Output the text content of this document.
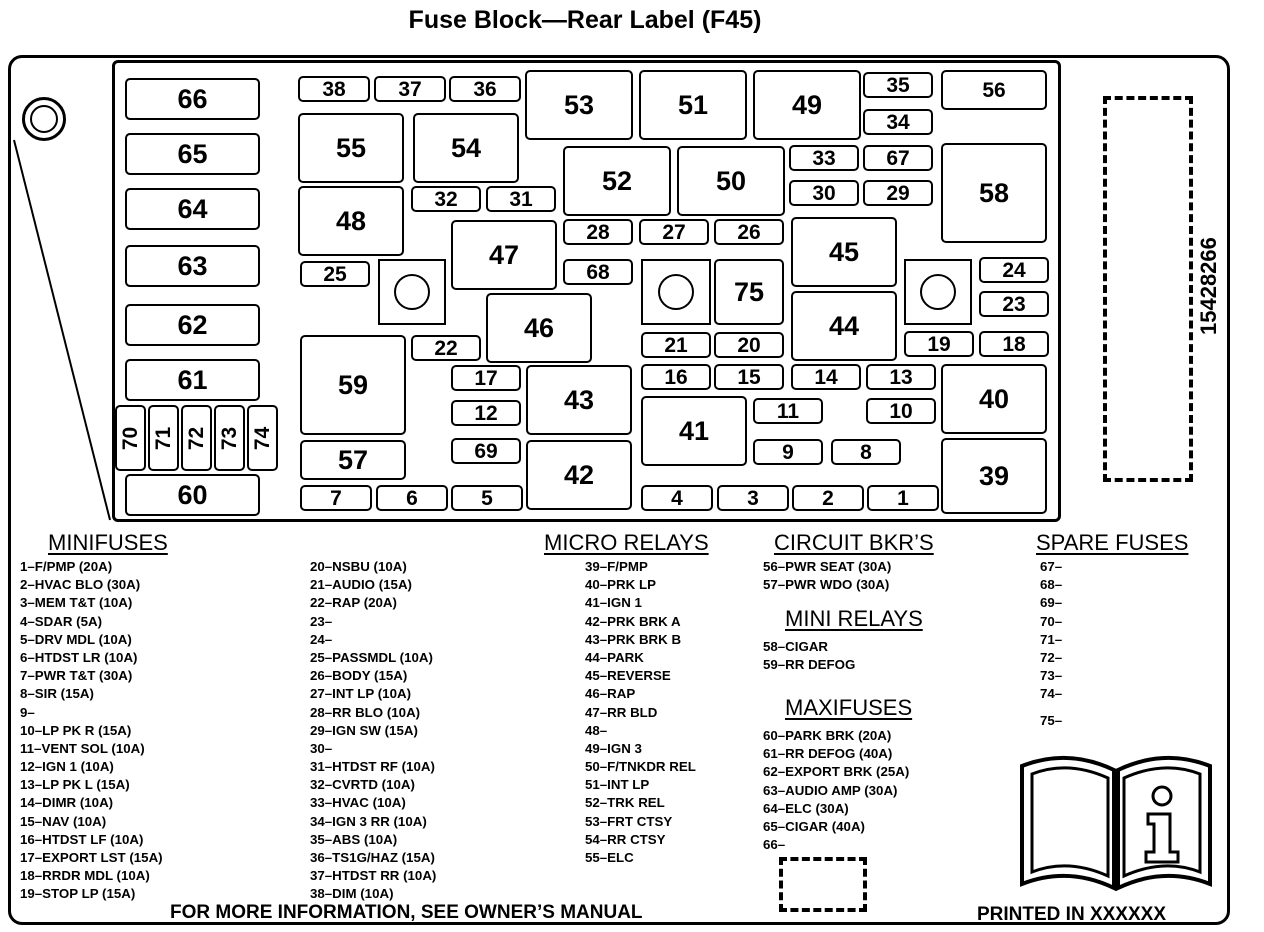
Fuse Block—Rear Label (F45)
66
65
64
63
62
61
60
70 71 72 73 74
38	37	36
53	51	49
35
34
56
55	54
52	50
33	67
30	29	58
48
32	31
28	27	26
47	45
25	68
75
24
23
46	44
22	21	20	19	18
59	17
43
16	15	14	13
40
12
41
11	10
69	9	8
57	42	39
7	6	5	4	3	2	1
15428266
MINIFUSES	MICRO RELAYS	CIRCUIT BKR’S	SPARE FUSES
MINI RELAYS
MAXIFUSES
1–F/PMP (20A)
2–HVAC BLO (30A)
3–MEM T&T (10A)
4–SDAR (5A)
5–DRV MDL (10A)
6–HTDST LR (10A)
7–PWR T&T (30A)
8–SIR (15A)
9–
10–LP PK R (15A)
11–VENT SOL (10A)
12–IGN 1 (10A)
13–LP PK L (15A)
14–DIMR (10A)
15–NAV (10A)
16–HTDST LF (10A)
17–EXPORT LST (15A)
18–RRDR MDL (10A)
19–STOP LP (15A)
20–NSBU (10A)
21–AUDIO (15A)
22–RAP (20A)
23–
24–
25–PASSMDL (10A)
26–BODY (15A)
27–INT LP (10A)
28–RR BLO (10A)
29–IGN SW (15A)
30–
31–HTDST RF (10A)
32–CVRTD (10A)
33–HVAC (10A)
34–IGN 3 RR (10A)
35–ABS (10A)
36–TS1G/HAZ (15A)
37–HTDST RR (10A)
38–DIM (10A)
39–F/PMP
40–PRK LP
41–IGN 1
42–PRK BRK A
43–PRK BRK B
44–PARK
45–REVERSE
46–RAP
47–RR BLD
48–
49–IGN 3
50–F/TNKDR REL
51–INT LP
52–TRK REL
53–FRT CTSY
54–RR CTSY
55–ELC
56–PWR SEAT (30A)
57–PWR WDO (30A)
58–CIGAR
59–RR DEFOG
60–PARK BRK (20A)
61–RR DEFOG (40A)
62–EXPORT BRK (25A)
63–AUDIO AMP (30A)
64–ELC (30A)
65–CIGAR (40A)
66–
67–
68–
69–
70–
71–
72–
73–
74–
75–
FOR MORE INFORMATION, SEE OWNER’S MANUAL	PRINTED IN XXXXXX
